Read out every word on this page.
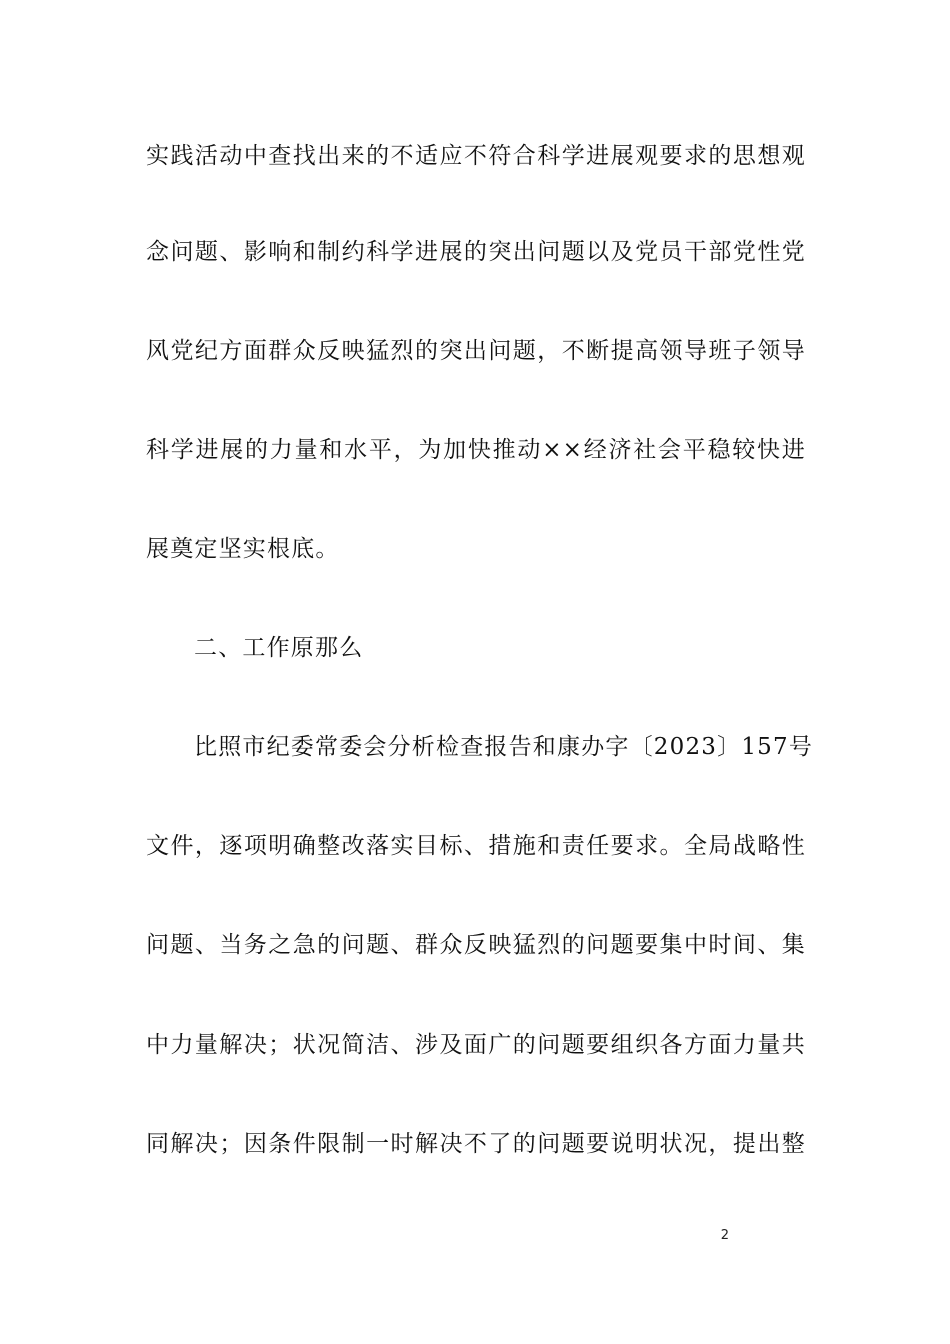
实践活动中查找出来的不适应不符合科学进展观要求的思想观
念问题、影响和制约科学进展的突出问题以及党员干部党性党
风党纪方面群众反映猛烈的突出问题，不断提高领导班子领导
科学进展的力量和水平，为加快推动××经济社会平稳较快进
展奠定坚实根底。
二、工作原那么
比照市纪委常委会分析检查报告和康办字〔2023〕157号
文件，逐项明确整改落实目标、措施和责任要求。全局战略性
问题、当务之急的问题、群众反映猛烈的问题要集中时间、集
中力量解决；状况简洁、涉及面广的问题要组织各方面力量共
同解决；因条件限制一时解决不了的问题要说明状况，提出整
2
